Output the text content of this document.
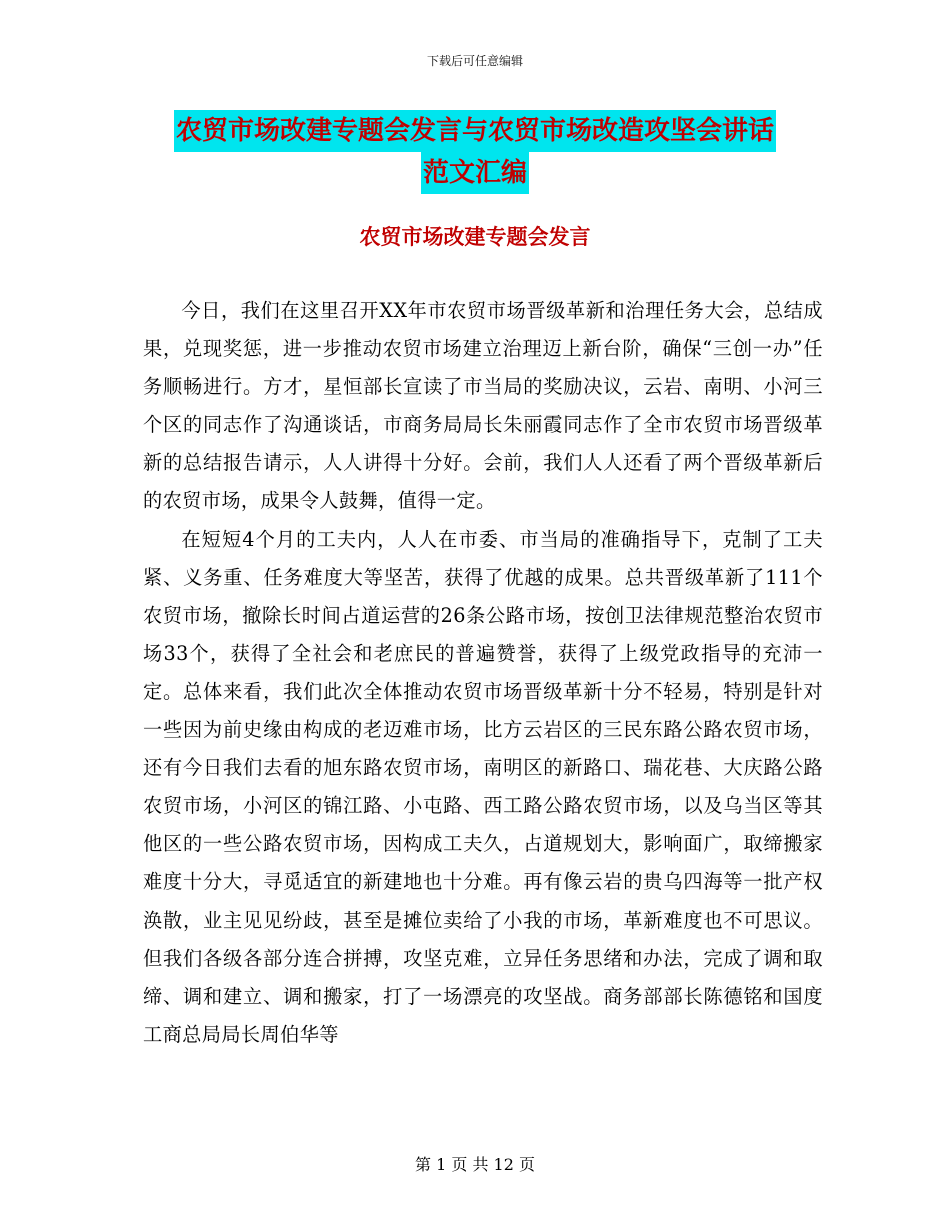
下载后可任意编辑
农贸市场改建专题会发言与农贸市场改造攻坚会讲话
范文汇编
农贸市场改建专题会发言

今日，我们在这里召开XX年市农贸市场晋级革新和治理任务大会，总结成果，兑现奖惩，进一步推动农贸市场建立治理迈上新台阶，确保“三创一办”任务顺畅进行。方才，星恒部长宣读了市当局的奖励决议，云岩、南明、小河三个区的同志作了沟通谈话，市商务局局长朱丽霞同志作了全市农贸市场晋级革新的总结报告请示，人人讲得十分好。会前，我们人人还看了两个晋级革新后的农贸市场，成果令人鼓舞，值得一定。

在短短4个月的工夫内，人人在市委、市当局的准确指导下，克制了工夫紧、义务重、任务难度大等坚苦，获得了优越的成果。总共晋级革新了111个农贸市场，撤除长时间占道运营的26条公路市场，按创卫法律规范整治农贸市场33个，获得了全社会和老庶民的普遍赞誉，获得了上级党政指导的充沛一定。总体来看，我们此次全体推动农贸市场晋级革新十分不轻易，特别是针对一些因为前史缘由构成的老迈难市场，比方云岩区的三民东路公路农贸市场，还有今日我们去看的旭东路农贸市场，南明区的新路口、瑞花巷、大庆路公路农贸市场，小河区的锦江路、小屯路、西工路公路农贸市场，以及乌当区等其他区的一些公路农贸市场，因构成工夫久，占道规划大，影响面广，取缔搬家难度十分大，寻觅适宜的新建地也十分难。再有像云岩的贵乌四海等一批产权涣散，业主见见纷歧，甚至是摊位卖给了小我的市场，革新难度也不可思议。但我们各级各部分连合拼搏，攻坚克难，立异任务思绪和办法，完成了调和取缔、调和建立、调和搬家，打了一场漂亮的攻坚战。商务部部长陈德铭和国度工商总局局长周伯华等

第 1 页 共 12 页
